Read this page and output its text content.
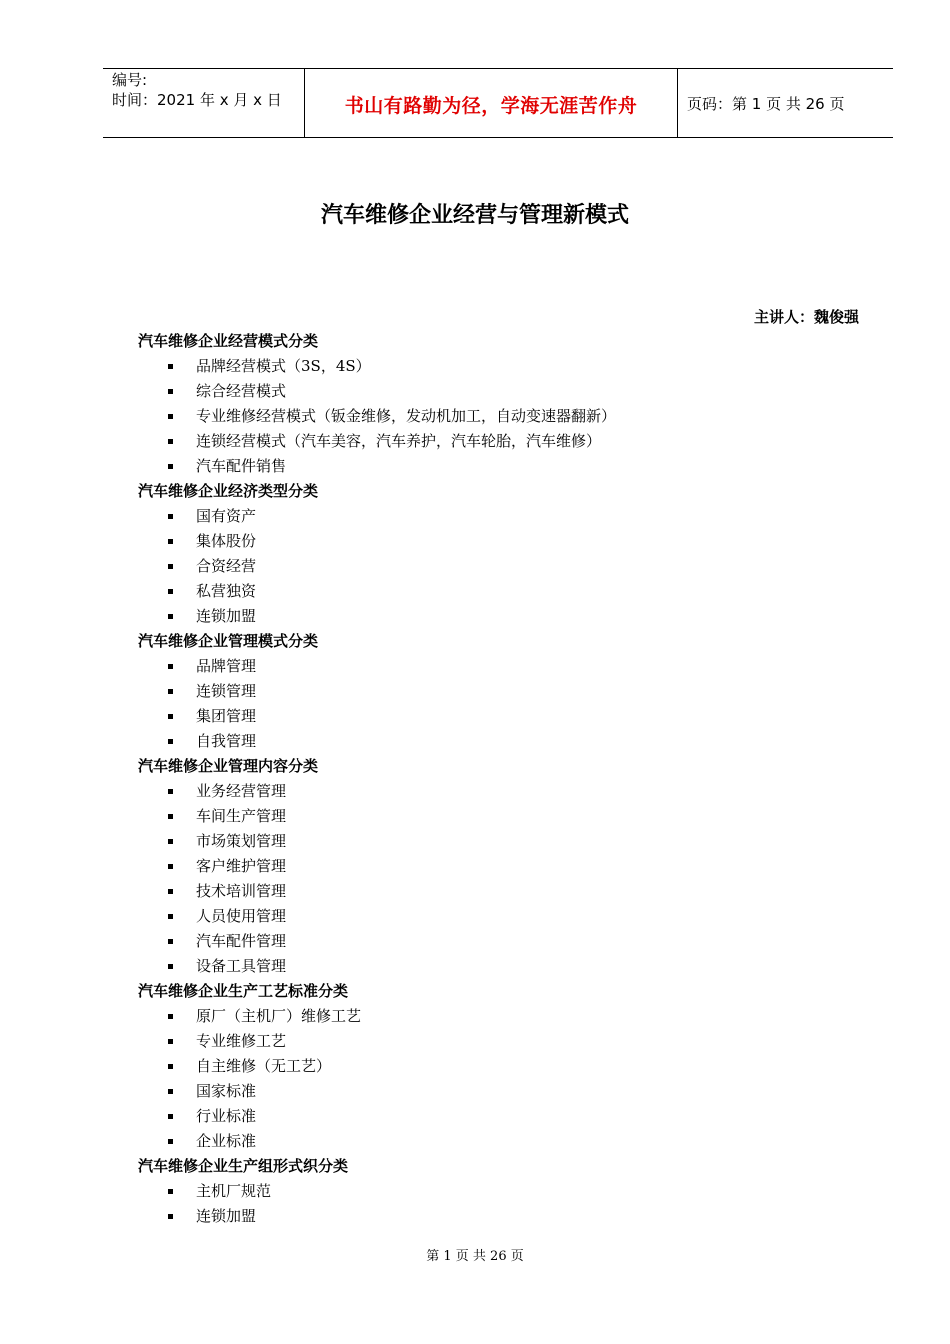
编号:
时间：2021 年 x 月 x 日	书山有路勤为径，学海无涯苦作舟	页码：第 1 页 共 26 页
汽车维修企业经营与管理新模式
主讲人：魏俊强
汽车维修企业经营模式分类
品牌经营模式（3S，4S）
综合经营模式
专业维修经营模式（钣金维修，发动机加工，自动变速器翻新）
连锁经营模式（汽车美容，汽车养护，汽车轮胎，汽车维修）
汽车配件销售
汽车维修企业经济类型分类
国有资产
集体股份
合资经营
私营独资
连锁加盟
汽车维修企业管理模式分类
品牌管理
连锁管理
集团管理
自我管理
汽车维修企业管理内容分类
业务经营管理
车间生产管理
市场策划管理
客户维护管理
技术培训管理
人员使用管理
汽车配件管理
设备工具管理
汽车维修企业生产工艺标准分类
原厂（主机厂）维修工艺
专业维修工艺
自主维修（无工艺）
国家标准
行业标准
企业标准
汽车维修企业生产组形式织分类
主机厂规范
连锁加盟
第 1 页 共 26 页
